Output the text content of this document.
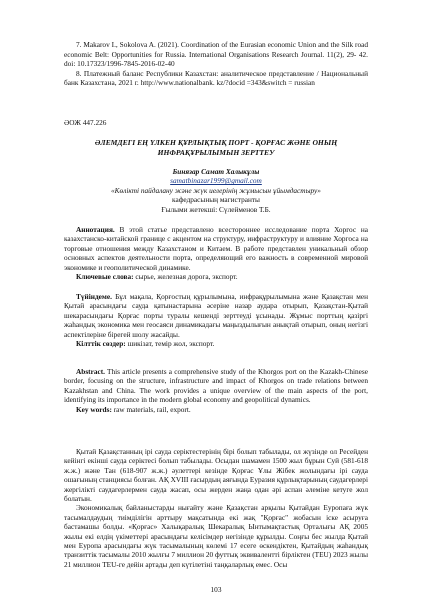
7. Makarov I., Sokolova A. (2021). Coordination of the Eurasian economic Union and the Silk road economic Belt: Opportunities for Russia. International Organisations Research Journal. 11(2), 29- 42. doi: 10.17323/1996-7845-2016-02-40

8. Платежный баланс Республики Казахстан: аналитическое представление / Национальный банк Казахстана, 2021 г. http://www.nationalbank. kz/?docid =343&switch = russian

ӘОЖ 447.226

ӘЛЕМДЕГІ ЕҢ ҮЛКЕН ҚҰРЛЫҚТЫҚ ПОРТ - ҚОРҒАС ЖӘНЕ ОНЫҢ

ИНФРАҚҰРЫЛЫМЫН ЗЕРТТЕУ

Бинязар Самат Халыкұлы

samatbinazar1999@gmail.com

«Көлікті пайдалану және жүк иелерінің жұмысын ұйымдастыру»

кафедрасының магистранты

Ғылыми жетекші: Сүлейменов Т.Б.

Аннотация. В этой статье представлено всестороннее исследование порта Хоргос на казахстанско-китайской границе с акцентом на структуру, инфраструктуру и влияние Хоргоса на торговые отношения между Казахстаном и Китаем. В работе представлен уникальный обзор основных аспектов деятельности порта, определяющий его важность в современной мировой экономике и геополитической динамике.

Ключевые слова: сырье, железная дорога, экспорт.

Түйіндеме. Бұл мақала, Қорғостың құрылымына, инфрақұрылымына және Қазақстан мен Қытай арасындағы сауда қатынастарына әсеріне назар аудара отырып, Қазақстан-Қытай шекарасындағы Қорғас порты туралы кешенді зерттеуді ұсынады. Жұмыс порттың қазіргі жаһандық экономика мен геосаяси динамикадағы маңыздылығын анықтай отырып, оның негізгі аспектілеріне бірегей шолу жасайды.

Кілттік сөздер: шикізат, темір жол, экспорт.

Abstract. This article presents a comprehensive study of the Khorgos port on the Kazakh-Chinese border, focusing on the structure, infrastructure and impact of Khorgos on trade relations between Kazakhstan and China. The work provides a unique overview of the main aspects of the port, identifying its importance in the modern global economy and geopolitical dynamics.

Key words: raw materials, rail, export.

Қытай Қазақстанның ірі сауда серіктестерінің бірі болып табылады, ол жүзінде ол Ресейден кейінгі екінші сауда серіктесі болып табылады. Осыдан шамамен 1500 жыл бұрын Суй (581-618 ж.ж.) және Тан (618-907 ж.ж.) әулеттері кезінде Қорғас Ұлы Жібек жолындағы ірі сауда ошағының станциясы болған. АҚ XVIII ғасырдың аяғында Еуразия құрлықтарының саудагерлері жергілікті саудагерлермен сауда жасап, осы жерден жаңа одан әрі аспан әлеміне кетуге жол болатын.

Экономикалық байланыстарды нығайту және Қазақстан арқылы Қытайдан Еуропаға жүк тасымалдаудың тиімділігін арттыру мақсатында екі жақ "Қорғас" жобасын іске асыруға бастамашы болды. «Қорғас» Халықаралық Шекаралық Ынтымақтастық Орталығы АҚ 2005 жылы екі елдің үкіметтері арасындағы келісімдер негізінде құрылды. Соңғы бес жылда Қытай мен Еуропа арасындағы жүк тасымалының көлемі 17 есеге өскендіктен, Қытайдың жаһандық транзиттік тасымалы 2010 жылғы 7 миллион 20 футтық эквивалентті бірліктен (TEU) 2023 жылы 21 миллион TEU-ге дейін артады деп күтілетіні таңқаларлық емес. Осы

103
